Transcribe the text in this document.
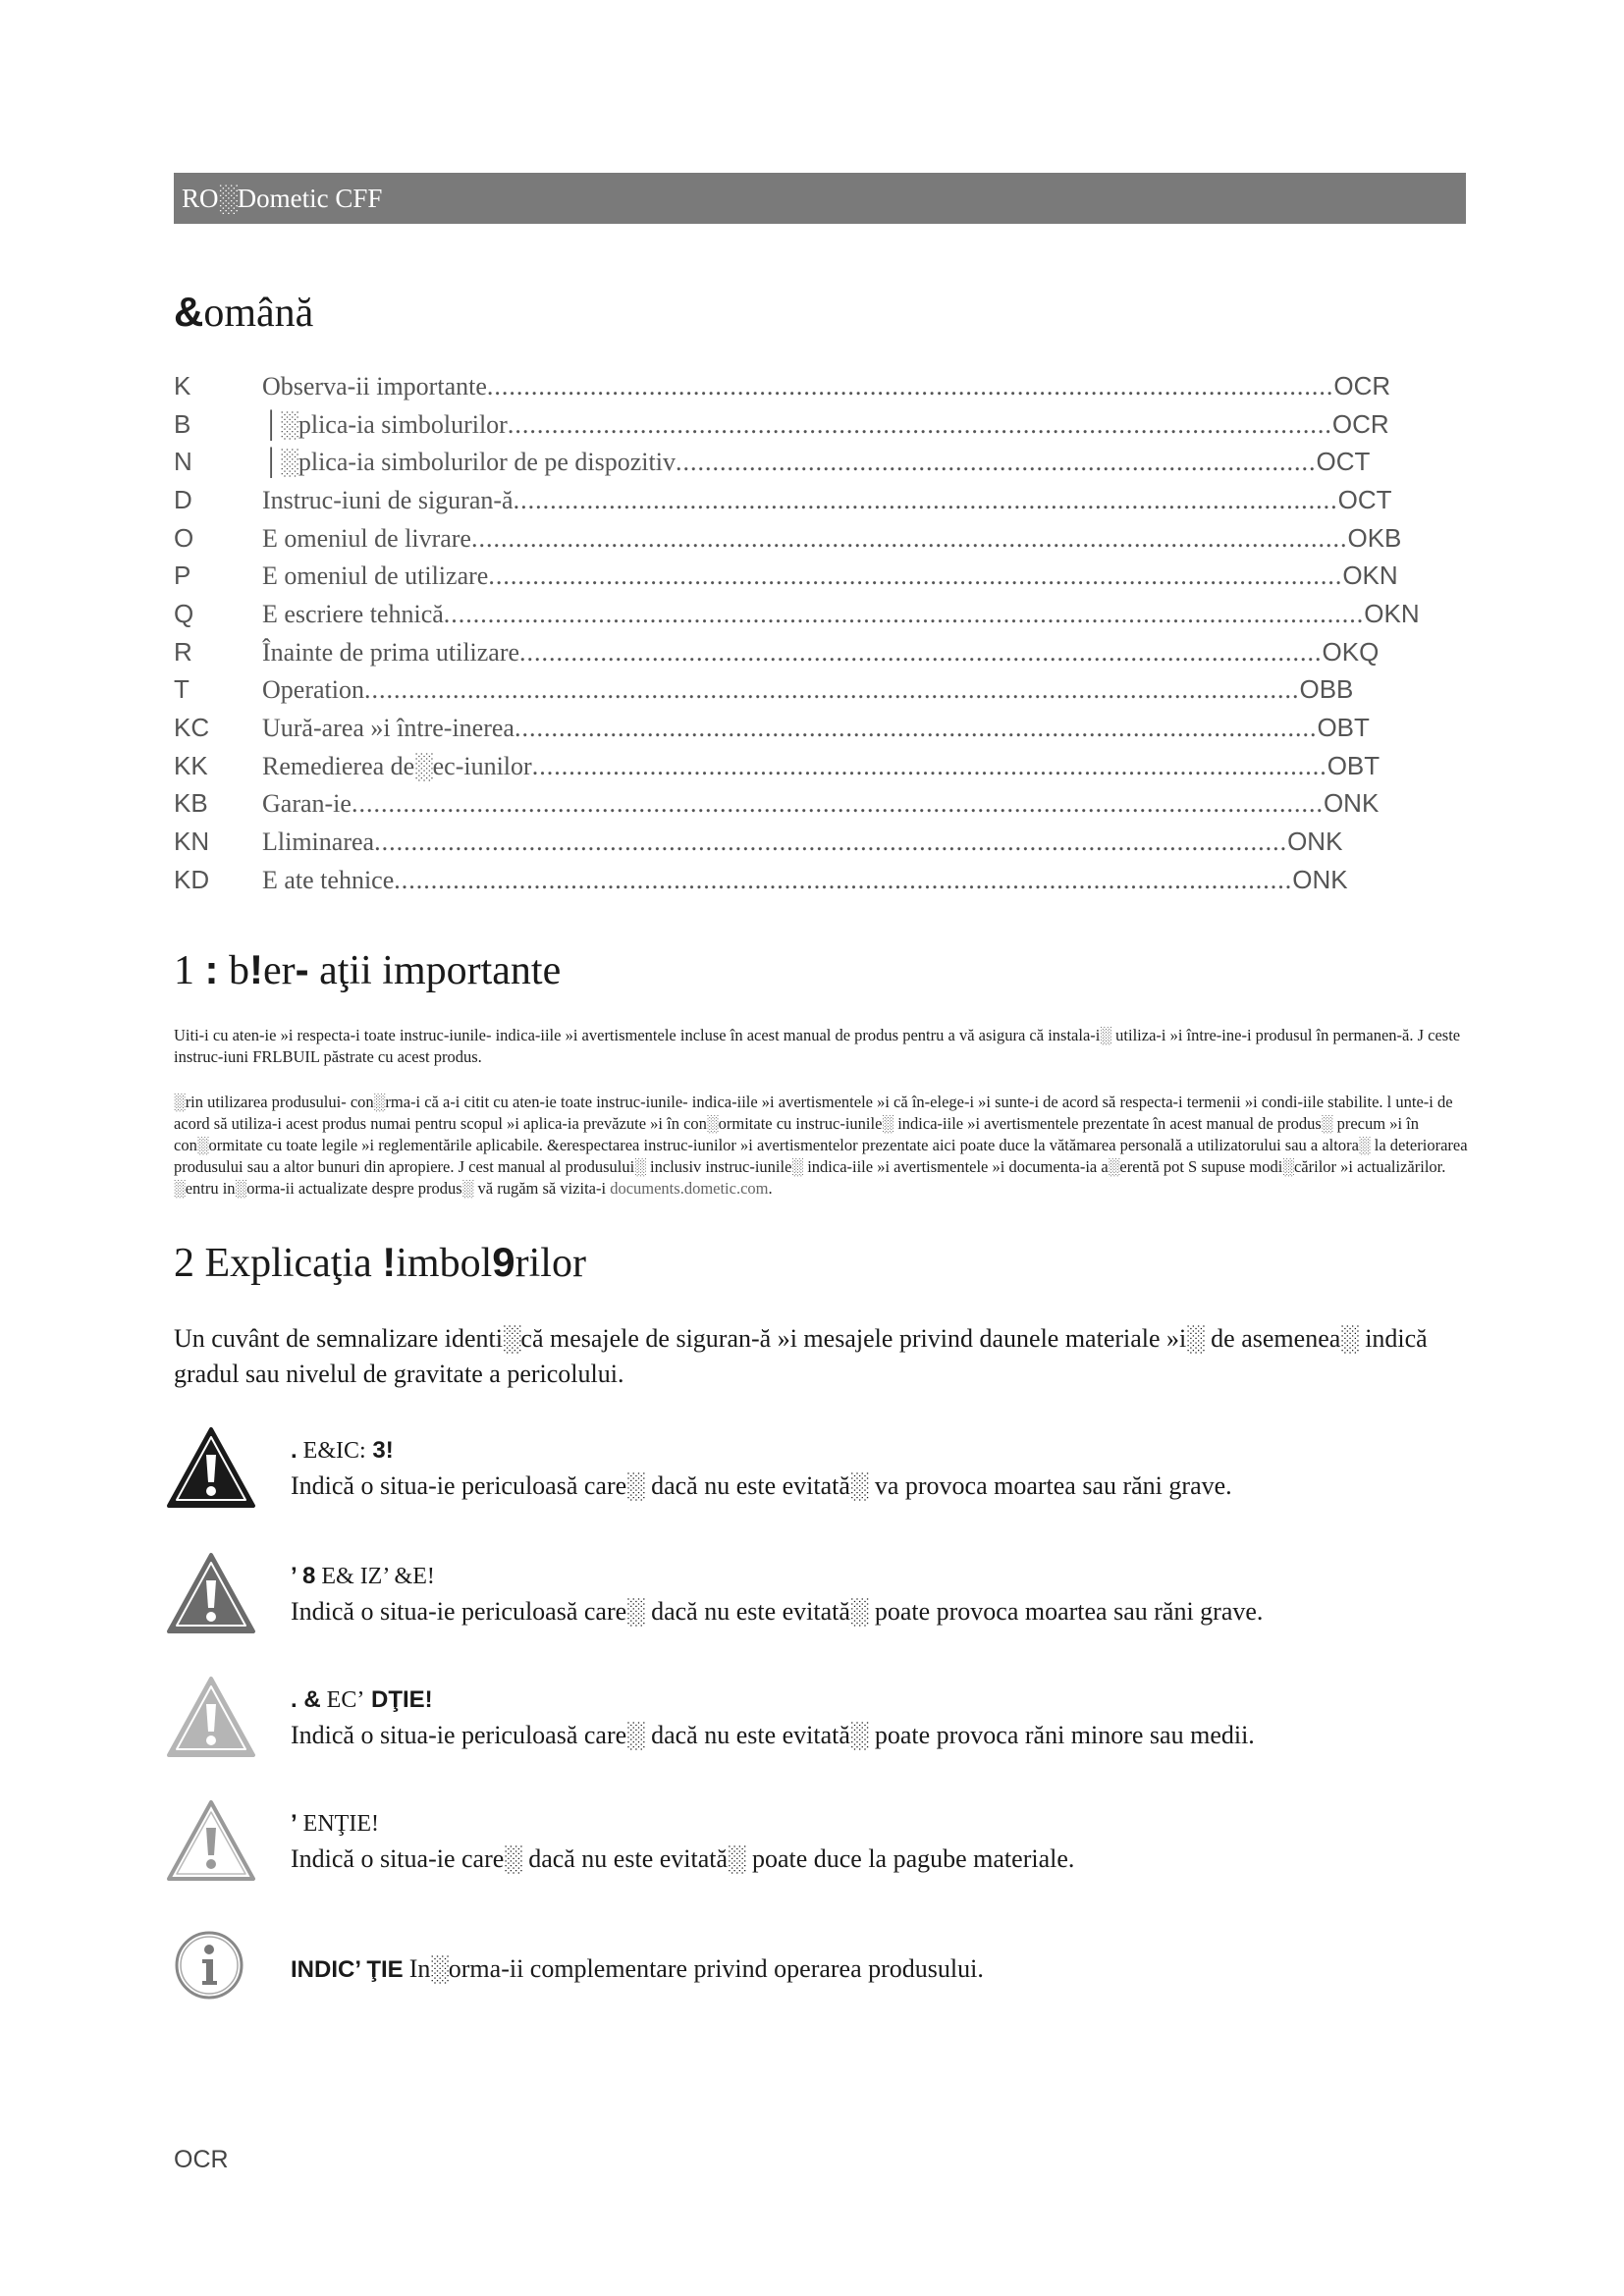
RO░Dometic CFF
&omână
K	Observa‐ii importante...................................................................................................................OCR
B	│░plica‐ia simbolurilor................................................................................................................OCR
N	│░plica‐ia simbolurilor de pe dispozitiv.......................................................................................OCT
D	Instruc‐iuni de siguran‐ă................................................................................................................OCT
O	E omeniul de livrare.......................................................................................................................OKB
P	E omeniul de utilizare....................................................................................................................OKN
Q	E escriere tehnică.............................................................................................................................OKN
R	Înainte de prima utilizare.............................................................................................................OKQ
T	Operation...............................................................................................................................OBB
KC Uură‐area »i între‐inerea.............................................................................................................OBT
KK Remedierea de░ec‐iunilor............................................................................................................OBT
KB Garan‐ie....................................................................................................................................ONK
KN Lliminarea............................................................................................................................ONK
KD E ate tehnice..........................................................................................................................ONK
1 : b!er- aţii importante
Uiti‐i cu aten‐ie »i respecta‐i toate instruc‐iunile‐ indica‐iile »i avertismentele incluse în acest manual de produs pentru a vă asigura că instala‐i░ utiliza‐i »i între‐ine‐i produsul în permanen‐ă. J ceste instruc‐iuni FRLBUIL păstrate cu acest produs.
░rin utilizarea produsului‐ con░rma‐i că a‐i citit cu aten‐ie toate instruc‐iunile‐ indica‐iile »i avertismentele »i că în‐elege‐i »i sunte‐i de acord să respecta‐i termenii »i condi‐iile stabilite. l unte‐i de acord să utiliza‐i acest produs numai pentru scopul »i aplica‐ia prevăzute »i în con░ormitate cu instruc‐iunile░ indica‐iile »i avertismentele prezentate în acest manual de produs░ precum »i în con░ormitate cu toate legile »i reglementările aplicabile. &erespectarea instruc‐iunilor »i avertismentelor prezentate aici poate duce la vătămarea personală a utilizatorului sau a altora░ la deteriorarea produsului sau a altor bunuri din apropiere. J cest manual al produsului░ inclusiv instruc‐iunile░ indica‐iile »i avertismentele »i documenta‐ia a░erentă pot S supuse modi░cărilor »i actualizărilor. ░entru in░orma‐ii actualizate despre produs░ vă rugăm să vizita‐i documents.dometic.com.
2 Explicaţia !imbol9rilor
Un cuvânt de semnalizare identi░că mesajele de siguran‐ă »i mesajele privind daunele materiale »i░ de asemenea░ indică gradul sau nivelul de gravitate a pericolului.
. E&IC: 3!
Indică o situa‐ie periculoasă care░ dacă nu este evitată░ va provoca moartea sau răni grave.
’ 8 E& IZ’ &E!
Indică o situa‐ie periculoasă care░ dacă nu este evitată░ poate provoca moartea sau răni grave.
. & EC’ DŢIE!
Indică o situa‐ie periculoasă care░ dacă nu este evitată░ poate provoca răni minore sau medii.
’ ENŢIE!
Indică o situa‐ie care░ dacă nu este evitată░ poate duce la pagube materiale.
INDIC’ ŢIE In░orma‐ii complementare privind operarea produsului.
OCR
